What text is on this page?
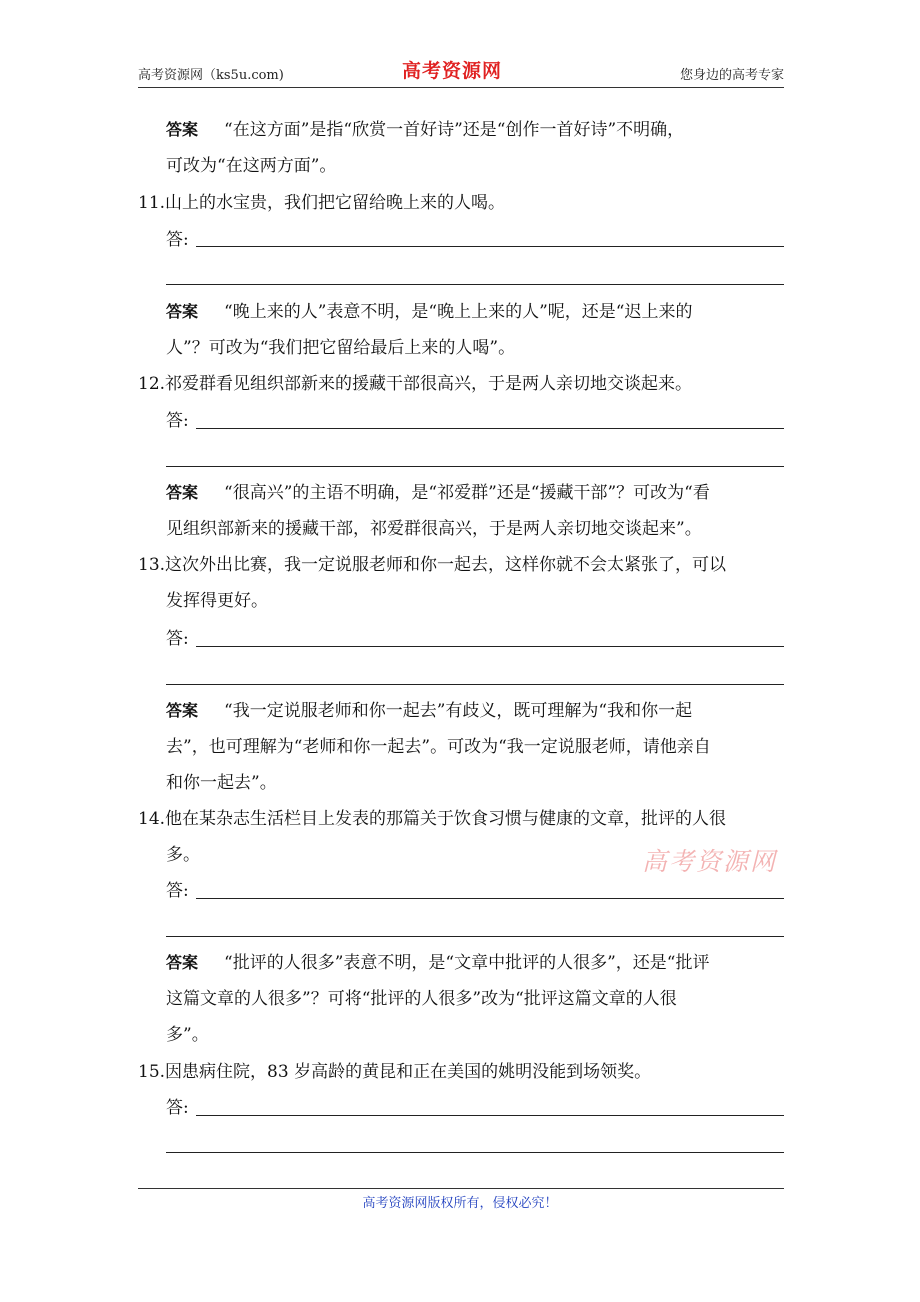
高考资源网（ks5u.com)	高考资源网	您身边的高考专家
答案 “在这方面”是指“欣赏一首好诗”还是“创作一首好诗”不明确，
可改为“在这两方面”。
11.山上的水宝贵，我们把它留给晚上来的人喝。
答:
答案 “晚上来的人”表意不明，是“晚上上来的人”呢，还是“迟上来的
人”？可改为“我们把它留给最后上来的人喝”。
12.祁爱群看见组织部新来的援藏干部很高兴，于是两人亲切地交谈起来。
答:
答案 “很高兴”的主语不明确，是“祁爱群”还是“援藏干部”？可改为“看
见组织部新来的援藏干部，祁爱群很高兴，于是两人亲切地交谈起来”。
13.这次外出比赛，我一定说服老师和你一起去，这样你就不会太紧张了，可以
发挥得更好。
答:
答案 “我一定说服老师和你一起去”有歧义，既可理解为“我和你一起
去”，也可理解为“老师和你一起去”。可改为“我一定说服老师，请他亲自
和你一起去”。
14.他在某杂志生活栏目上发表的那篇关于饮食习惯与健康的文章，批评的人很
多。	高考资源网
答:
答案 “批评的人很多”表意不明，是“文章中批评的人很多”，还是“批评
这篇文章的人很多”？可将“批评的人很多”改为“批评这篇文章的人很
多”。
15.因患病住院，83 岁高龄的黄昆和正在美国的姚明没能到场领奖。
答:
高考资源网版权所有，侵权必究！
